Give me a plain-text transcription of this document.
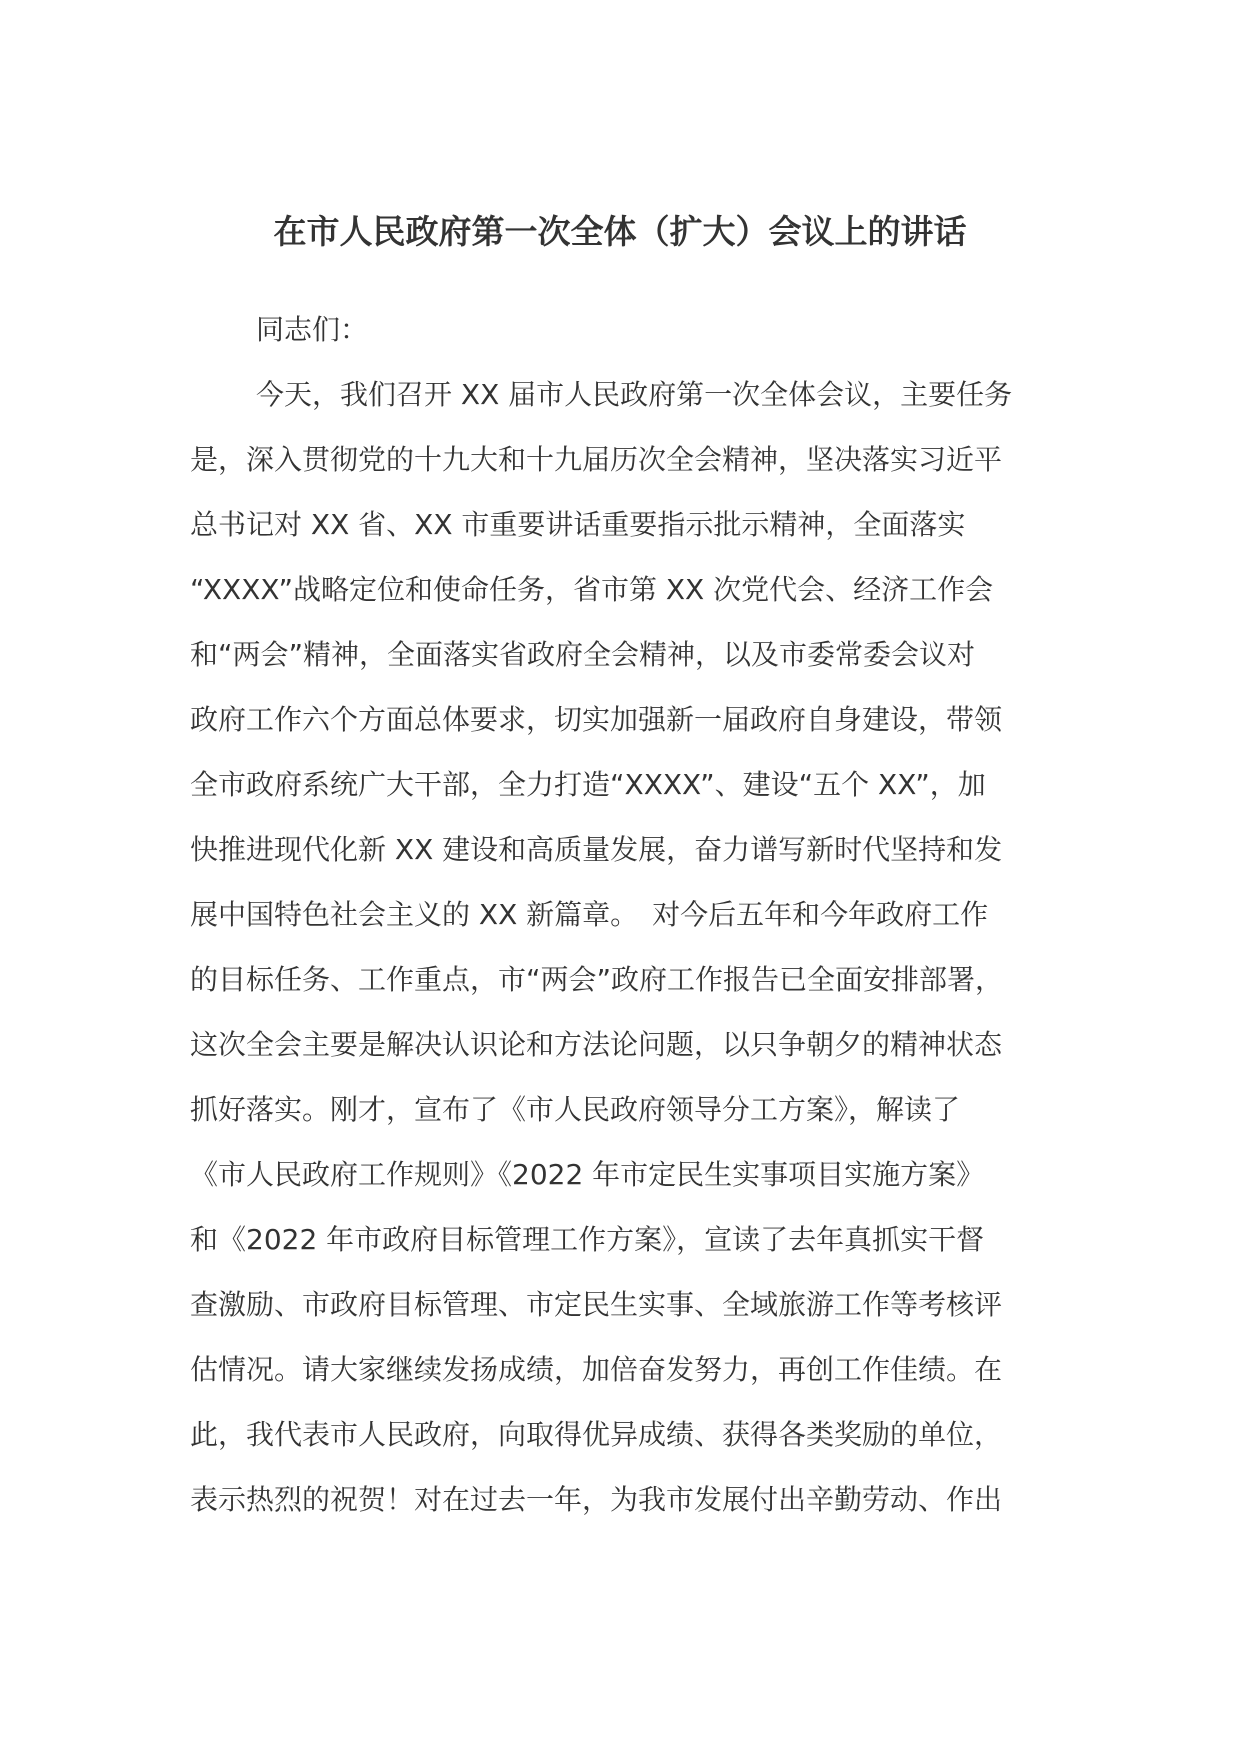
在市人民政府第一次全体（扩大）会议上的讲话
同志们：
今天，我们召开 XX 届市人民政府第一次全体会议，主要任务
是，深入贯彻党的十九大和十九届历次全会精神，坚决落实习近平
总书记对 XX 省、XX 市重要讲话重要指示批示精神，全面落实
“XXXX”战略定位和使命任务，省市第 XX 次党代会、经济工作会
和“两会”精神，全面落实省政府全会精神，以及市委常委会议对
政府工作六个方面总体要求，切实加强新一届政府自身建设，带领
全市政府系统广大干部，全力打造“XXXX”、建设“五个 XX”，加
快推进现代化新 XX 建设和高质量发展，奋力谱写新时代坚持和发
展中国特色社会主义的 XX 新篇章。　对今后五年和今年政府工作
的目标任务、工作重点，市“两会”政府工作报告已全面安排部署，
这次全会主要是解决认识论和方法论问题，以只争朝夕的精神状态
抓好落实。刚才，宣布了《市人民政府领导分工方案》，解读了
《市人民政府工作规则》《2022 年市定民生实事项目实施方案》
和《2022 年市政府目标管理工作方案》，宣读了去年真抓实干督
查激励、市政府目标管理、市定民生实事、全域旅游工作等考核评
估情况。请大家继续发扬成绩，加倍奋发努力，再创工作佳绩。在
此，我代表市人民政府，向取得优异成绩、获得各类奖励的单位，
表示热烈的祝贺！对在过去一年，为我市发展付出辛勤劳动、作出
